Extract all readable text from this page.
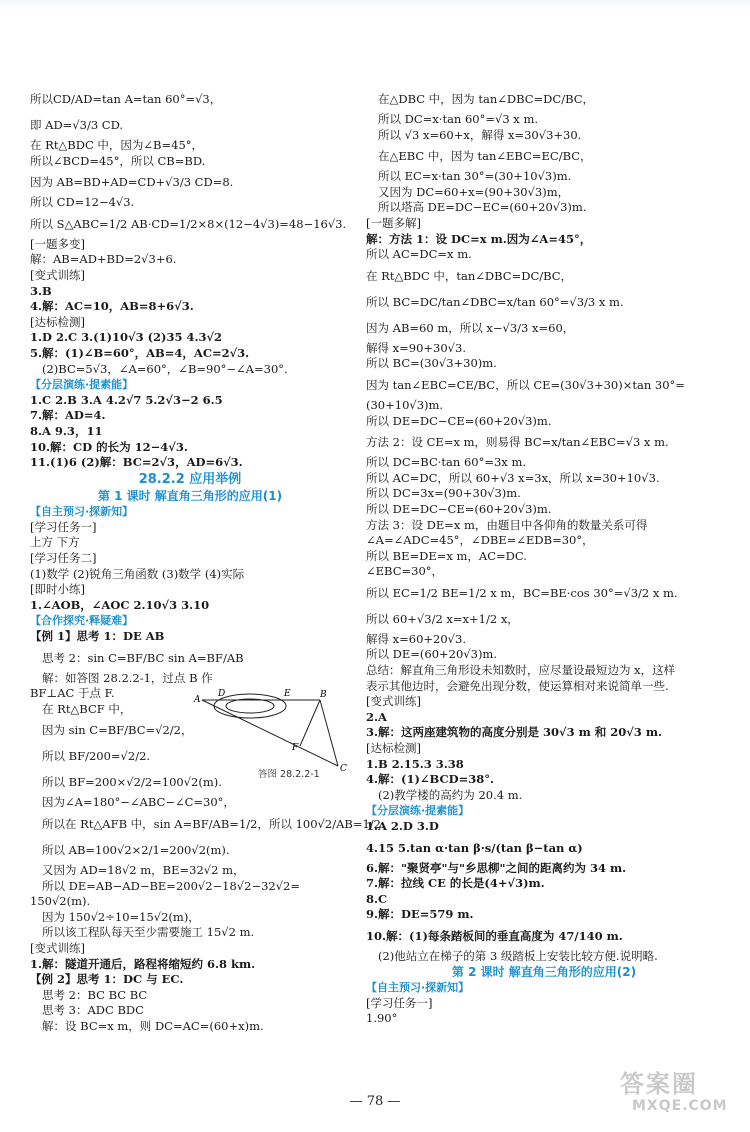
所以CD/AD=tan A=tan 60°=√3，
即 AD=√3/3 CD.
在 Rt△BDC 中，因为∠B=45°，
所以∠BCD=45°，所以 CB=BD.
因为 AB=BD+AD=CD+√3/3 CD=8.
所以 CD=12−4√3.
所以 S△ABC=1/2 AB·CD=1/2×8×(12−4√3)=48−16√3.
[一题多变]
解：AB=AD+BD=2√3+6.
[变式训练]
3.B
4.解：AC=10，AB=8+6√3.
[达标检测]
1.D 2.C 3.(1)10√3 (2)35 4.3√2
5.解：(1)∠B=60°，AB=4，AC=2√3.
(2)BC=5√3，∠A=60°，∠B=90°−∠A=30°.
【分层演练·提素能】
1.C 2.B 3.A 4.2√7 5.2√3−2 6.5
7.解：AD=4.
8.A 9.3，11
10.解：CD 的长为 12−4√3.
11.(1)6 (2)解：BC=2√3，AD=6√3.
28.2.2 应用举例
第 1 课时 解直角三角形的应用(1)
【自主预习·探新知】
[学习任务一]
上方 下方
[学习任务二]
(1)数学 (2)锐角三角函数 (3)数学 (4)实际
[即时小练]
1.∠AOB，∠AOC 2.10√3 3.10
【合作探究·释疑难】
【例 1】思考 1：DE AB
思考 2：sin C=BF/BC sin A=BF/AB
解：如答图 28.2.2-1，过点 B 作
BF⊥AC 于点 F.
在 Rt△BCF 中，
因为 sin C=BF/BC=√2/2，
所以 BF/200=√2/2.
所以 BF=200×√2/2=100√2(m).
因为∠A=180°−∠ABC−∠C=30°，
所以在 Rt△AFB 中，sin A=BF/AB=1/2，所以 100√2/AB=1/2.
所以 AB=100√2×2/1=200√2(m).
又因为 AD=18√2 m，BE=32√2 m，
所以 DE=AB−AD−BE=200√2−18√2−32√2=
150√2(m).
因为 150√2÷10=15√2(m)，
所以该工程队每天至少需要施工 15√2 m.
[变式训练]
1.解：隧道开通后，路程将缩短约 6.8 km.
【例 2】思考 1：DC 与 EC.
思考 2：BC BC BC
思考 3：ADC BDC
解：设 BC=x m，则 DC=AC=(60+x)m.
在△DBC 中，因为 tan∠DBC=DC/BC，
所以 DC=x·tan 60°=√3 x m.
所以 √3 x=60+x，解得 x=30√3+30.
在△EBC 中，因为 tan∠EBC=EC/BC，
所以 EC=x·tan 30°=(30+10√3)m.
又因为 DC=60+x=(90+30√3)m，
所以塔高 DE=DC−EC=(60+20√3)m.
[一题多解]
解：方法 1：设 DC=x m.因为∠A=45°，
所以 AC=DC=x m.
在 Rt△BDC 中，tan∠DBC=DC/BC，
所以 BC=DC/tan∠DBC=x/tan 60°=√3/3 x m.
因为 AB=60 m，所以 x−√3/3 x=60，
解得 x=90+30√3.
所以 BC=(30√3+30)m.
因为 tan∠EBC=CE/BC，所以 CE=(30√3+30)×tan 30°=
(30+10√3)m.
所以 DE=DC−CE=(60+20√3)m.
方法 2：设 CE=x m，则易得 BC=x/tan∠EBC=√3 x m.
所以 DC=BC·tan 60°=3x m.
所以 AC=DC，所以 60+√3 x=3x，所以 x=30+10√3.
所以 DC=3x=(90+30√3)m.
所以 DE=DC−CE=(60+20√3)m.
方法 3：设 DE=x m，由题目中各仰角的数量关系可得
∠A=∠ADC=45°，∠DBE=∠EDB=30°，
所以 BE=DE=x m，AC=DC.
∠EBC=30°，
所以 EC=1/2 BE=1/2 x m，BC=BE·cos 30°=√3/2 x m.
所以 60+√3/2 x=x+1/2 x，
解得 x=60+20√3.
所以 DE=(60+20√3)m.
总结：解直角三角形设未知数时，应尽量设最短边为 x，这样
表示其他边时，会避免出现分数，使运算相对来说简单一些.
[变式训练]
2.A
3.解：这两座建筑物的高度分别是 30√3 m 和 20√3 m.
[达标检测]
1.B 2.15.3 3.38
4.解：(1)∠BCD=38°.
(2)教学楼的高约为 20.4 m.
【分层演练·提素能】
1.A 2.D 3.D
4.15 5.tan α·tan β·s/(tan β−tan α)
6.解："聚贤亭"与"乡思柳"之间的距离约为 34 m.
7.解：拉线 CE 的长是(4+√3)m.
8.C
9.解：DE=579 m.
10.解：(1)每条踏板间的垂直高度为 47/140 m.
(2)他站立在梯子的第 3 级踏板上安装比较方便.说明略.
第 2 课时 解直角三角形的应用(2)
【自主预习·探新知】
[学习任务一]
1.90°
A
D	E	B
F
C
答图 28.2.2-1
— 78 —
答案圈
MXQE.COM
